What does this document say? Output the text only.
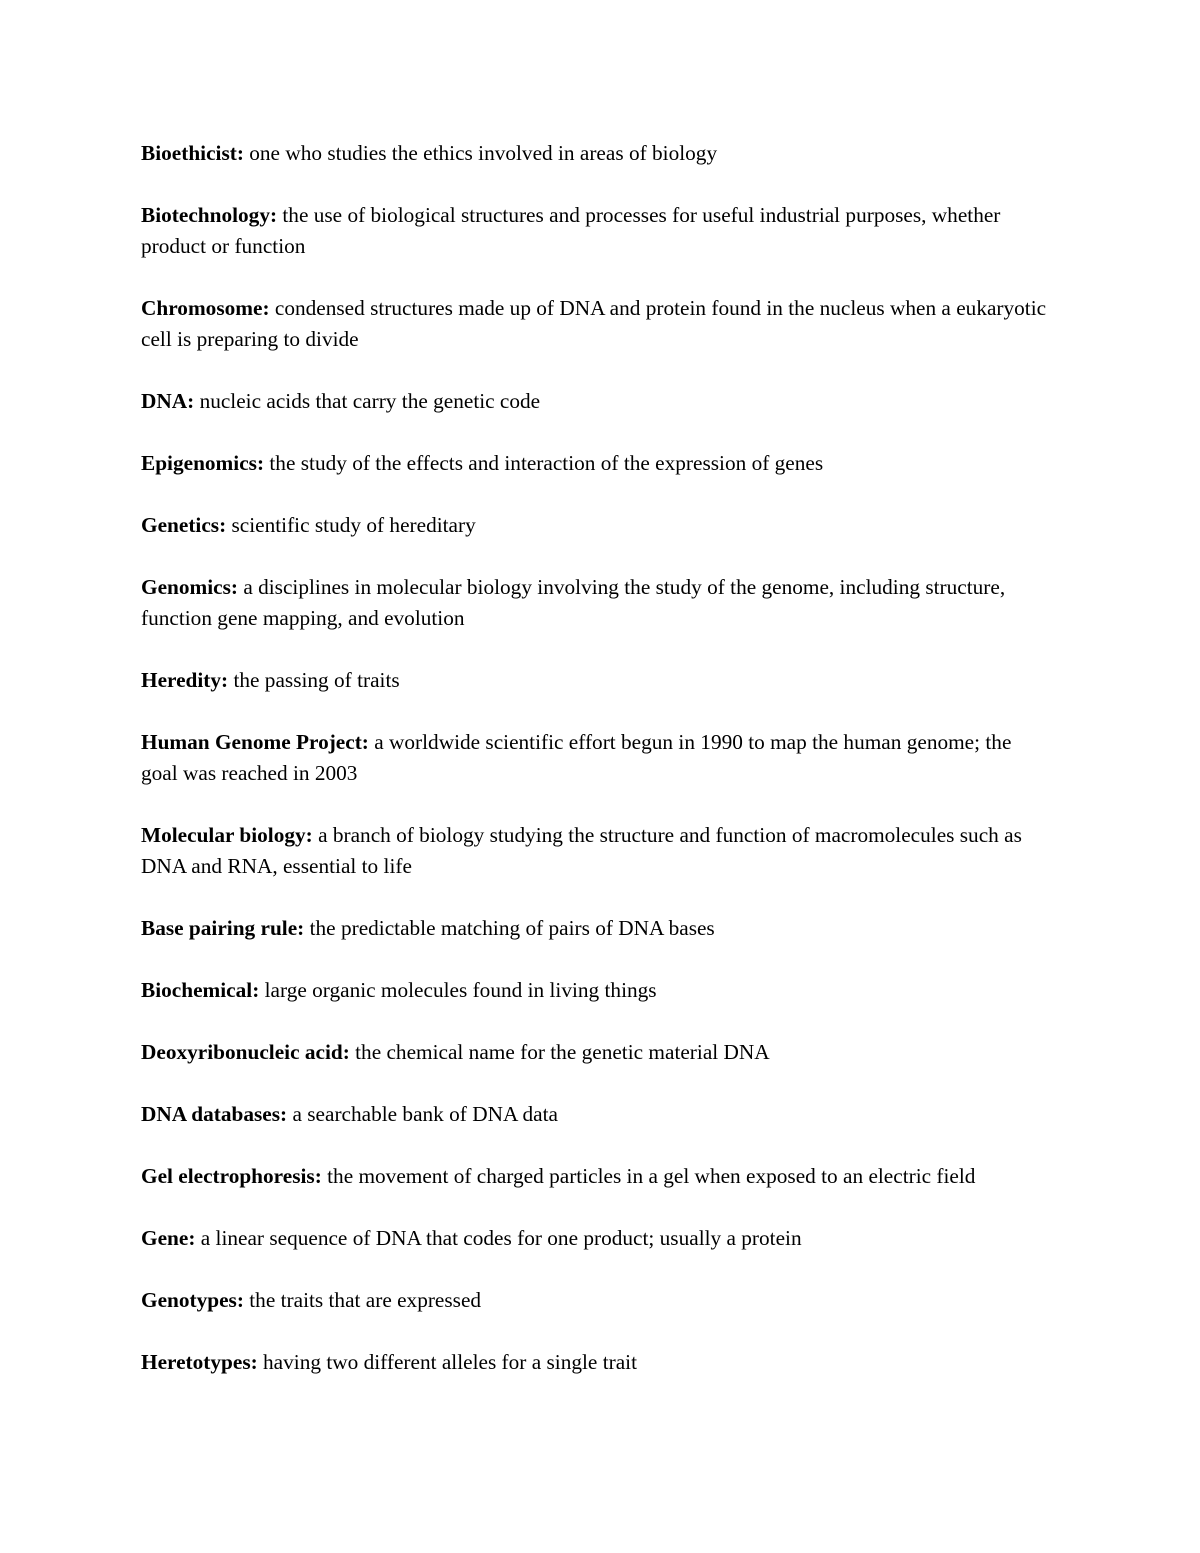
Bioethicist: one who studies the ethics involved in areas of biology

Biotechnology: the use of biological structures and processes for useful industrial purposes, whether product or function

Chromosome: condensed structures made up of DNA and protein found in the nucleus when a eukaryotic cell is preparing to divide

DNA: nucleic acids that carry the genetic code

Epigenomics: the study of the effects and interaction of the expression of genes

Genetics: scientific study of hereditary

Genomics: a disciplines in molecular biology involving the study of the genome, including structure, function gene mapping, and evolution

Heredity: the passing of traits

Human Genome Project: a worldwide scientific effort begun in 1990 to map the human genome; the goal was reached in 2003

Molecular biology: a branch of biology studying the structure and function of macromolecules such as DNA and RNA, essential to life

Base pairing rule: the predictable matching of pairs of DNA bases

Biochemical: large organic molecules found in living things

Deoxyribonucleic acid: the chemical name for the genetic material DNA

DNA databases: a searchable bank of DNA data

Gel electrophoresis: the movement of charged particles in a gel when exposed to an electric field

Gene: a linear sequence of DNA that codes for one product; usually a protein

Genotypes: the traits that are expressed

Heretotypes: having two different alleles for a single trait
